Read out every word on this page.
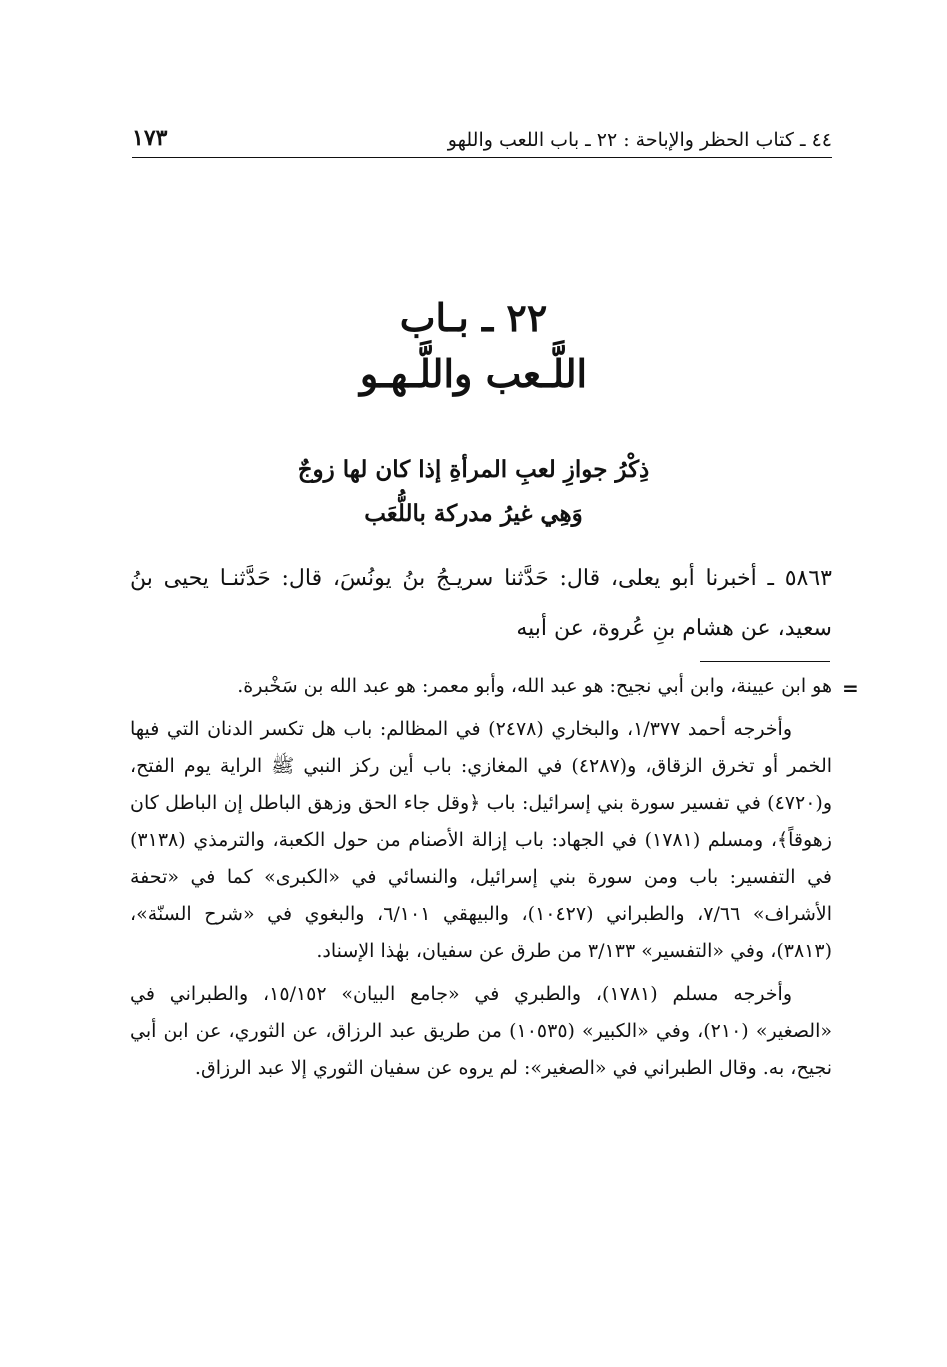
٤٤ ـ كتاب الحظر والإباحة : ٢٢ ـ باب اللعب واللهو
١٧٣
٢٢ ـ بـاب
اللَّـعب واللَّـهـو
ذِكْرُ جوازِ لعبِ المرأةِ إذا كان لها زوجٌ
وَهِي غيرُ مدركة باللُّعَب

٥٨٦٣ ـ أخبرنا أبو يعلى، قال: حَدَّثنا سريـجُ بنُ يونُسَ، قال: حَدَّثنـا يحيى بنُ سعيد، عن هشام بنِ عُروة، عن أبيه

=

هو ابن عيينة، وابن أبي نجيح: هو عبد الله، وأبو معمر: هو عبد الله بن سَخْبرة.

وأخرجه أحمد ١/٣٧٧، والبخاري (٢٤٧٨) في المظالم: باب هل تكسر الدنان التي فيها الخمر أو تخرق الزقاق، و(٤٢٨٧) في المغازي: باب أين ركز النبي ﷺ الراية يوم الفتح، و(٤٧٢٠) في تفسير سورة بني إسرائيل: باب ﴿وقل جاء الحق وزهق الباطل إن الباطل كان زهوقاً﴾، ومسلم (١٧٨١) في الجهاد: باب إزالة الأصنام من حول الكعبة، والترمذي (٣١٣٨) في التفسير: باب ومن سورة بني إسرائيل، والنسائي في «الكبرى» كما في «تحفة الأشراف» ٧/٦٦، والطبراني (١٠٤٢٧)، والبيهقي ٦/١٠١، والبغوي في «شرح السنّة»، (٣٨١٣)، وفي «التفسير» ٣/١٣٣ من طرق عن سفيان، بهٰذا الإسناد.

وأخرجه مسلم (١٧٨١)، والطبري في «جامع البيان» ١٥/١٥٢، والطبراني في «الصغير» (٢١٠)، وفي «الكبير» (١٠٥٣٥) من طريق عبد الرزاق، عن الثوري، عن ابن أبي نجيح، به. وقال الطبراني في «الصغير»: لم يروه عن سفيان الثوري إلا عبد الرزاق.
